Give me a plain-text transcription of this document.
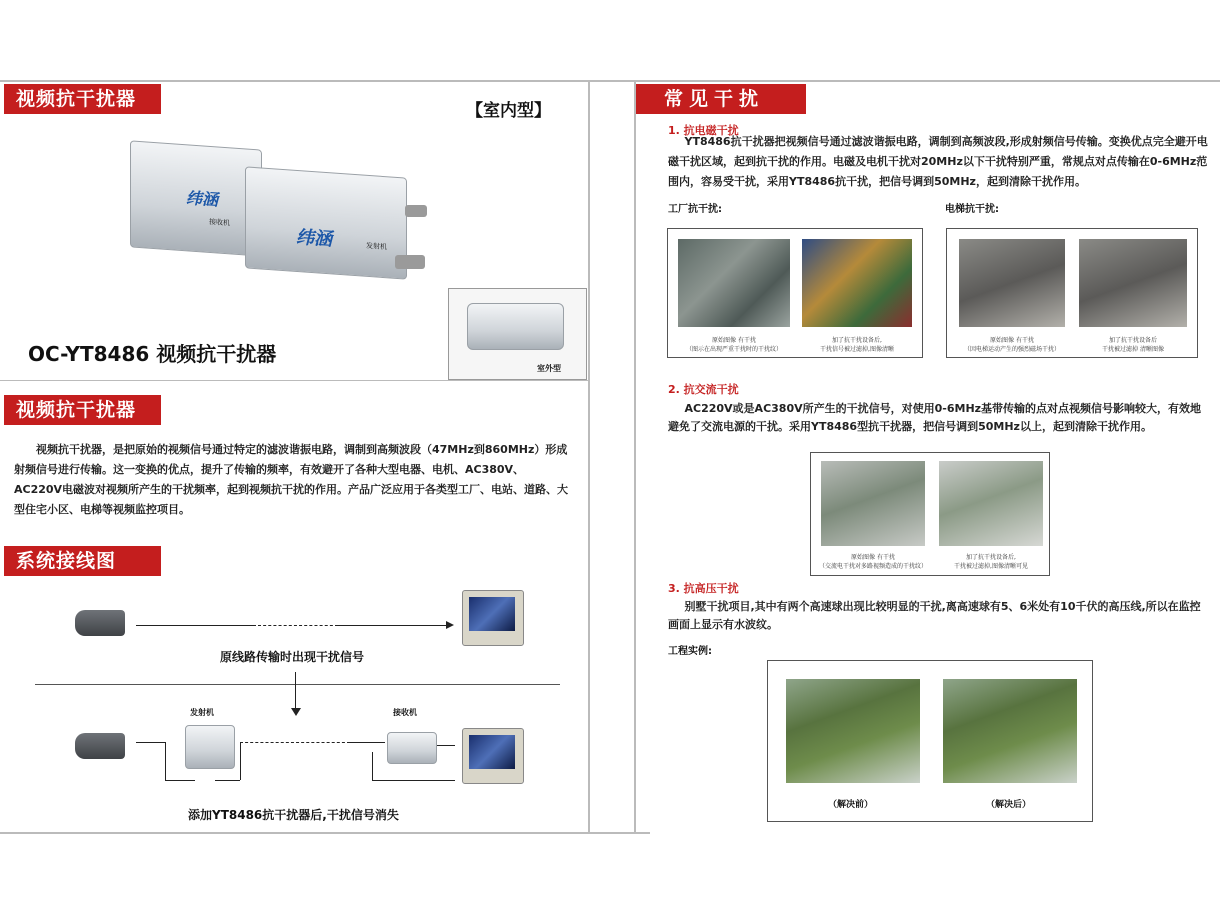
视频抗干扰器
【室内型】
纬涵
接收机
纬涵	发射机
OC-YT8486 视频抗干扰器
室外型
视频抗干扰器
视频抗干扰器，是把原始的视频信号通过特定的滤波谐振电路，调制到高频波段（47MHz到860MHz）形成射频信号进行传输。这一变换的优点，提升了传输的频率，有效避开了各种大型电器、电机、AC380V、AC220V电磁波对视频所产生的干扰频率，起到视频抗干扰的作用。产品广泛应用于各类型工厂、电站、道路、大型住宅小区、电梯等视频监控项目。
系统接线图
原线路传输时出现干扰信号
发射机	接收机
添加YT8486抗干扰器后,干扰信号消失
常见干扰
1. 抗电磁干扰
YT8486抗干扰器把视频信号通过滤波谐振电路，调制到高频波段,形成射频信号传输。变换优点完全避开电磁干扰区域，起到抗干扰的作用。电磁及电机干扰对20MHz以下干扰特别严重，常规点对点传输在0-6MHz范围内，容易受干扰，采用YT8486抗干扰，把信号调到50MHz，起到清除干扰作用。
工厂抗干扰:	电梯抗干扰:
原始图像 有干扰
（图示在出现严重干扰时的干扰纹）
加了抗干扰设备后,
干扰信号被过滤掉,图像清晰
原始图像 有干扰
（因电梯运动产生的强烈磁场干扰）
加了抗干扰设备后
干扰被过滤掉 清晰图像
2. 抗交流干扰
AC220V或是AC380V所产生的干扰信号，对使用0-6MHz基带传输的点对点视频信号影响较大，有效地避免了交流电源的干扰。采用YT8486型抗干扰器，把信号调到50MHz以上，起到清除干扰作用。
原始图像 有干扰
（交流电干扰对多路视频造成的干扰纹）
加了抗干扰设备后,
干扰被过滤掉,图像清晰可见
3. 抗高压干扰
别墅干扰项目,其中有两个高速球出现比较明显的干扰,离高速球有5、6米处有10千伏的高压线,所以在监控画面上显示有水波纹。
工程实例:
（解决前）	（解决后）
